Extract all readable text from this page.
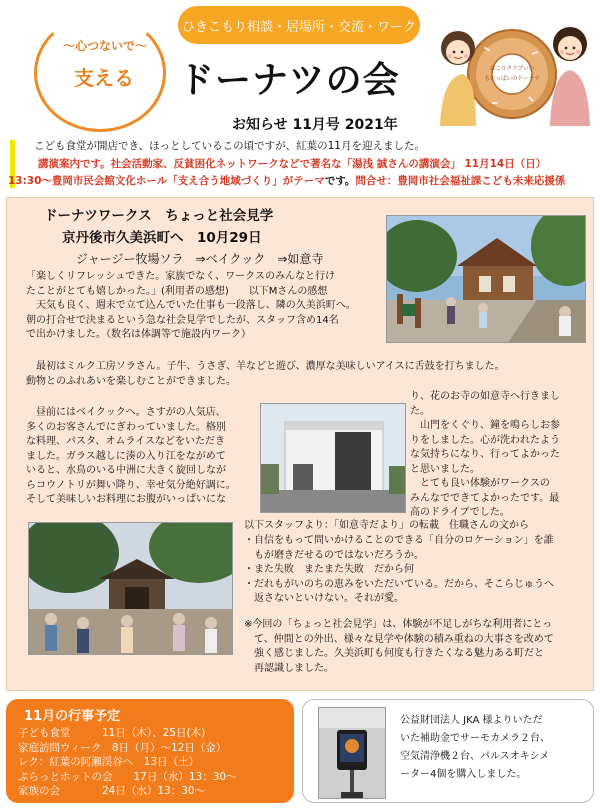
〜心つないで〜
支える
ひきこもり相談・居場所・交流・ワーク
ドーナツの会
お知らせ 11月号 2021年
ほこりクラブいい
もいっぱいのドーナツ
こども食堂が開店でき、ほっとしているこの頃ですが、紅葉の11月を迎えました。
講演案内です。社会活動家、反貧困化ネットワークなどで著名な「湯浅 誠さんの講演会」 11月14日（日）
13:30〜豊岡市民会館文化ホール「支え合う地域づくり」がテーマです。問合せ：豊岡市社会福祉課こども未来応援係
ドーナツワークス　ちょっと社会見学
京丹後市久美浜町へ　10月29日
ジャージー牧場ソラ　⇒ベイクック　⇒如意寺
「楽しくリフレッシュできた。家族でなく、ワークスのみんなと行け
たことがとても嬉しかった。」(利用者の感想)　　以下Mさんの感想
　天気も良く、週末で立て込んでいた仕事も一段落し、隣の久美浜町へ。
朝の打合せで決まるという急な社会見学でしたが、スタッフ含め14名
で出かけました。（数名は体調等で施設内ワーク）
　最初はミルク工房ソラさん。子牛、うさぎ、羊などと遊び、濃厚な美味しいアイスに舌鼓を打ちました。
動物とのふれあいを楽しむことができました。
　昼前にはベイクックへ。さすがの人気店、
多くのお客さんでにぎわっていました。格別
な料理、パスタ、オムライスなどをいただき
ました。ガラス越しに湊の入り江をながめて
いると、水鳥のいる中洲に大きく旋回しなが
らコウノトリが舞い降り、幸せ気分絶好調に。
そして美味しいお料理にお腹がいっぱいにな
り、花のお寺の如意寺へ行きまし
た。
　山門をくぐり、鐘を鳴らしお参
りをしました。心が洗われたよう
な気持ちになり、行ってよかった
と思いました。
　とても良い体験がワークスの
みんなでできてよかったです。最
高のドライブでした。
以下スタッフより：「如意寺だより」の転載　住職さんの文から
・自信をもって問いかけることのできる「自分のロケーション」を誰
　もが磨きだせるのではないだろうか。
・また失敗　またまた失敗　だから何
・だれもがいのちの恵みをいただいている。だから、そこらじゅうへ
　返さないといけない。それが愛。
※今回の「ちょっと社会見学」は、体験が不足しがちな利用者にとっ
　て、仲間との外出、様々な見学や体験の積み重ねの大事さを改めて
　強く感じました。久美浜町も何度も行きたくなる魅力ある町だと
　再認識しました。
11月の行事予定
子ども食堂　　　11日（木）、25日(木)
家庭訪問ウィーク　8日（月）〜12日（金）
レク：紅葉の阿瀬渓谷へ　13日（土）
ぷらっとホットの会　　17日（水）13：30〜
家族の会　　　　24日（水）13：30〜
公益財団法人 JKA 様よりいただ
いた補助金でサーモカメラ２台、
空気清浄機２台、パルスオキシメ
ーター4個を購入しました。
